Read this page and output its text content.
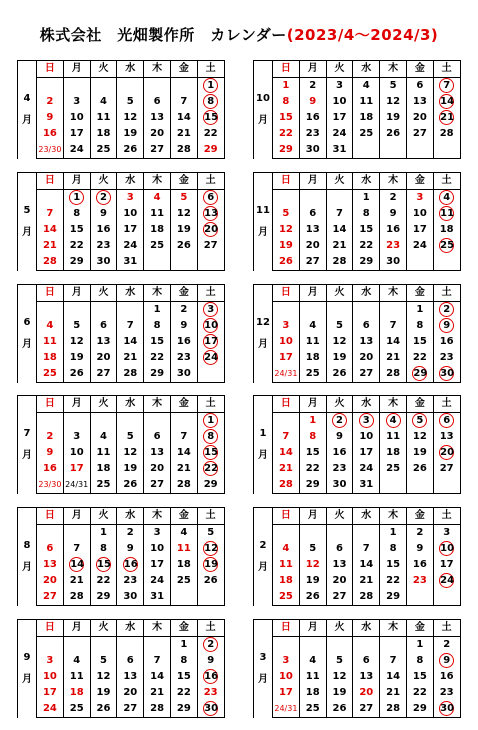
株式会社　光畑製作所　カレンダー(2023/4～2024/3)
4
月	日	月	火	水	木	金	土
							1
	2	3	4	5	6	7	8
	9	10	11	12	13	14	15
	16	17	18	19	20	21	22
	23/30	24	25	26	27	28	29
5
月	日	月	火	水	木	金	土
		1	2	3	4	5	6
	7	8	9	10	11	12	13
	14	15	16	17	18	19	20
	21	22	23	24	25	26	27
	28	29	30	31			
6
月	日	月	火	水	木	金	土
					1	2	3
	4	5	6	7	8	9	10
	11	12	13	14	15	16	17
	18	19	20	21	22	23	24
	25	26	27	28	29	30	
7
月	日	月	火	水	木	金	土
							1
	2	3	4	5	6	7	8
	9	10	11	12	13	14	15
	16	17	18	19	20	21	22
	23/30	24/31	25	26	27	28	29
8
月	日	月	火	水	木	金	土
			1	2	3	4	5
	6	7	8	9	10	11	12
	13	14	15	16	17	18	19
	20	21	22	23	24	25	26
	27	28	29	30	31		
9
月	日	月	火	水	木	金	土
						1	2
	3	4	5	6	7	8	9
	10	11	12	13	14	15	16
	17	18	19	20	21	22	23
	24	25	26	27	28	29	30
10
月	日	月	火	水	木	金	土
	1	2	3	4	5	6	7
	8	9	10	11	12	13	14
	15	16	17	18	19	20	21
	22	23	24	25	26	27	28
	29	30	31				
11
月	日	月	火	水	木	金	土
				1	2	3	4
	5	6	7	8	9	10	11
	12	13	14	15	16	17	18
	19	20	21	22	23	24	25
	26	27	28	29	30		
12
月	日	月	火	水	木	金	土
						1	2
	3	4	5	6	7	8	9
	10	11	12	13	14	15	16
	17	18	19	20	21	22	23
	24/31	25	26	27	28	29	30
1
月	日	月	火	水	木	金	土
		1	2	3	4	5	6
	7	8	9	10	11	12	13
	14	15	16	17	18	19	20
	21	22	23	24	25	26	27
	28	29	30	31			
2
月	日	月	火	水	木	金	土
					1	2	3
	4	5	6	7	8	9	10
	11	12	13	14	15	16	17
	18	19	20	21	22	23	24
	25	26	27	28	29		
3
月	日	月	火	水	木	金	土
						1	2
	3	4	5	6	7	8	9
	10	11	12	13	14	15	16
	17	18	19	20	21	22	23
	24/31	25	26	27	28	29	30
